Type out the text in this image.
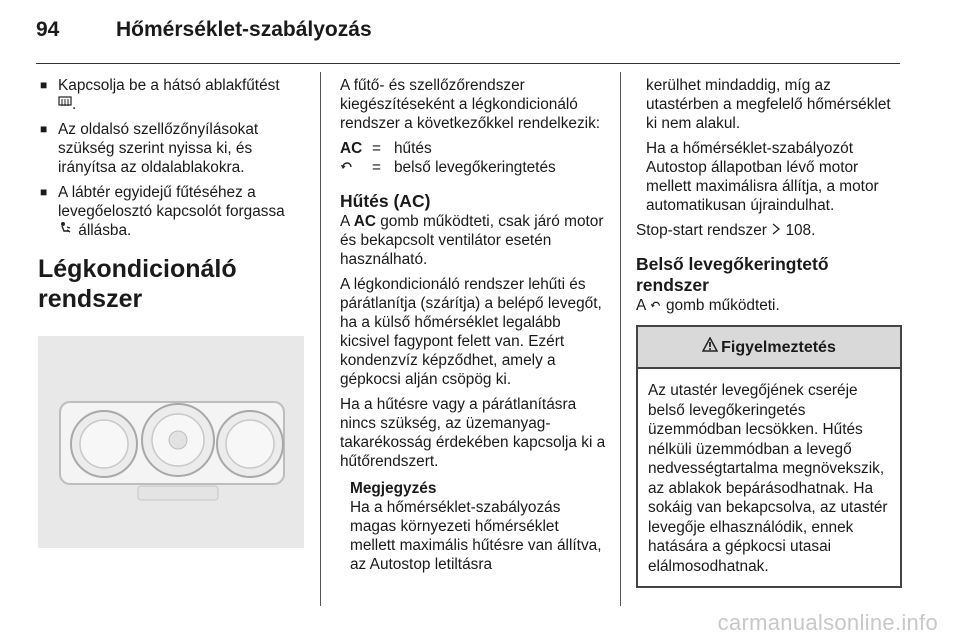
94	Hőmérséklet-szabályozás
■ Kapcsolja be a hátsó ablakfűtést
.
■ Az oldalsó szellőzőnyílásokat szükség szerint nyissa ki, és irányítsa az oldalablakokra.
■ A lábtér egyidejű fűtéséhez a levegőelosztó kapcsolót forgassa  állásba.
Légkondicionáló rendszer

A fűtő- és szellőzőrendszer kiegészítéseként a légkondicionáló rendszer a következőkkel rendelkezik:

AC = hűtés
= belső levegőkeringtetés
Hűtés (AC)

A AC gomb működteti, csak járó motor és bekapcsolt ventilátor esetén használható.

A légkondicionáló rendszer lehűti és párátlanítja (szárítja) a belépő levegőt, ha a külső hőmérséklet legalább kicsivel fagypont felett van. Ezért kondenzvíz képződhet, amely a gépkocsi alján csöpög ki.

Ha a hűtésre vagy a párátlanításra nincs szükség, az üzemanyag-takarékosság érdekében kapcsolja ki a hűtőrendszert.

Megjegyzés
Ha a hőmérséklet-szabályozás magas környezeti hőmérséklet mellett maximális hűtésre van állítva, az Autostop letiltásra

kerülhet mindaddig, míg az utastérben a megfelelő hőmérséklet ki nem alakul.

Ha a hőmérséklet-szabályozót Autostop állapotban lévő motor mellett maximálisra állítja, a motor automatikusan újraindulhat.

Stop-start rendszer  108.

Belső levegőkeringtető rendszer

A  gomb működteti.

Figyelmeztetés
Az utastér levegőjének cseréje belső levegőkeringetés üzemmódban lecsökken. Hűtés nélküli üzemmódban a levegő nedvességtartalma megnövekszik, az ablakok bepárásodhatnak. Ha sokáig van bekapcsolva, az utastér levegője elhasználódik, ennek hatására a gépkocsi utasai elálmosodhatnak.
carmanualsonline.info
